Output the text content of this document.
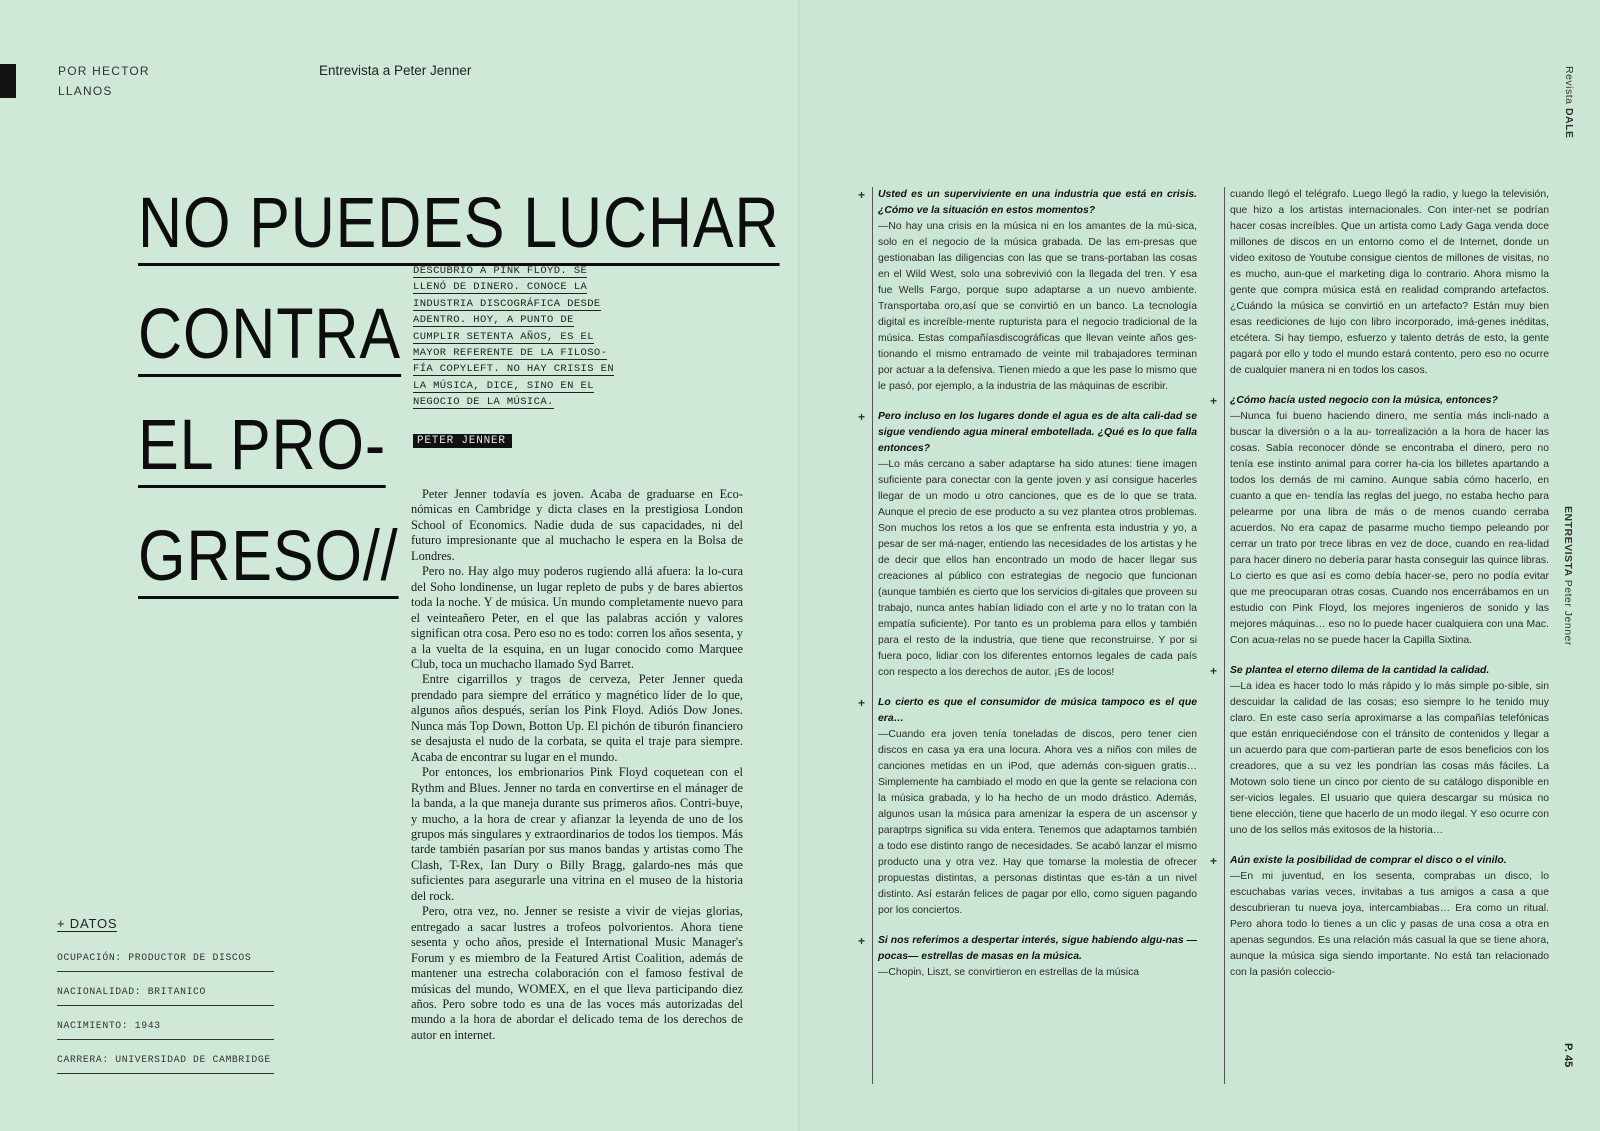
POR HECTOR LLANOS
Entrevista a Peter Jenner
NO PUEDES LUCHAR
CONTRA
EL PRO-
GRESO//
DESCUBRIÓ A PINK FLOYD. SE LLENÓ DE DINERO. CONOCE LA INDUSTRIA DISCOGRÁFICA DESDE ADENTRO. HOY, A PUNTO DE CUMPLIR SETENTA AÑOS, ES EL MAYOR REFERENTE DE LA FILOSO-FÍA COPYLEFT. NO HAY CRISIS EN LA MÚSICA, DICE, SINO EN EL NEGOCIO DE LA MÚSICA.
PETER JENNER

Peter Jenner todavía es joven. Acaba de graduarse en Eco-nómicas en Cambridge y dicta clases en la prestigiosa London School of Economics. Nadie duda de sus capacidades, ni del futuro impresionante que al muchacho le espera en la Bolsa de Londres.

Pero no. Hay algo muy poderos rugiendo allá afuera: la lo-cura del Soho londinense, un lugar repleto de pubs y de bares abiertos toda la noche. Y de música. Un mundo completamente nuevo para el veinteañero Peter, en el que las palabras acción y valores significan otra cosa. Pero eso no es todo: corren los años sesenta, y a la vuelta de la esquina, en un lugar conocido como Marquee Club, toca un muchacho llamado Syd Barret.

Entre cigarrillos y tragos de cerveza, Peter Jenner queda prendado para siempre del errático y magnético líder de lo que, algunos años después, serían los Pink Floyd. Adiós Dow Jones. Nunca más Top Down, Botton Up. El pichón de tiburón financiero se desajusta el nudo de la corbata, se quita el traje para siempre. Acaba de encontrar su lugar en el mundo.

Por entonces, los embrionarios Pink Floyd coquetean con el Rythm and Blues. Jenner no tarda en convertirse en el mánager de la banda, a la que maneja durante sus primeros años. Contri-buye, y mucho, a la hora de crear y afianzar la leyenda de uno de los grupos más singulares y extraordinarios de todos los tiempos. Más tarde también pasarían por sus manos bandas y artistas como The Clash, T-Rex, Ian Dury o Billy Bragg, galardo-nes más que suficientes para asegurarle una vitrina en el museo de la historia del rock.

Pero, otra vez, no. Jenner se resiste a vivir de viejas glorias, entregado a sacar lustres a trofeos polvorientos. Ahora tiene sesenta y ocho años, preside el International Music Manager's Forum y es miembro de la Featured Artist Coalition, además de mantener una estrecha colaboración con el famoso festival de músicas del mundo, WOMEX, en el que lleva participando diez años. Pero sobre todo es una de las voces más autorizadas del mundo a la hora de abordar el delicado tema de los derechos de autor en internet.

+ DATOS
OCUPACIÓN: PRODUCTOR DE DISCOS
NACIONALIDAD: BRITANICO
NACIMIENTO: 1943
CARRERA: UNIVERSIDAD DE CAMBRIDGE
+ Usted es un superviviente en una industria que está en crisis. ¿Cómo ve la situación en estos momentos?
—No hay una crisis en la música ni en los amantes de la mú-sica, solo en el negocio de la música grabada. De las em-presas que gestionaban las diligencias con las que se trans-portaban las cosas en el Wild West, solo una sobrevivió con la llegada del tren. Y esa fue Wells Fargo, porque supo adaptarse a un nuevo ambiente. Transportaba oro,así que se convirtió en un banco. La tecnología digital es increíble-mente rupturista para el negocio tradicional de la música. Estas compañíasdiscográficas que llevan veinte años ges-tionando el mismo entramado de veinte mil trabajadores terminan por actuar a la defensiva. Tienen miedo a que les pase lo mismo que le pasó, por ejemplo, a la industria de las máquinas de escribir.
+ Pero incluso en los lugares donde el agua es de alta cali-dad se sigue vendiendo agua mineral embotellada. ¿Qué es lo que falla entonces?
—Lo más cercano a saber adaptarse ha sido atunes: tiene imagen suficiente para conectar con la gente joven y así consigue hacerles llegar de un modo u otro canciones, que es de lo que se trata. Aunque el precio de ese producto a su vez plantea otros problemas. Son muchos los retos a los que se enfrenta esta industria y yo, a pesar de ser má-nager, entiendo las necesidades de los artistas y he de decir que ellos han encontrado un modo de hacer llegar sus creaciones al público con estrategias de negocio que funcionan (aunque también es cierto que los servicios di-gitales que proveen su trabajo, nunca antes habían lidiado con el arte y no lo tratan con la empatía suficiente). Por tanto es un problema para ellos y también para el resto de la industria, que tiene que reconstruirse. Y por si fuera poco, lidiar con los diferentes entornos legales de cada país con respecto a los derechos de autor. ¡Es de locos!
+ Lo cierto es que el consumidor de música tampoco es el que era…
—Cuando era joven tenía toneladas de discos, pero tener cien discos en casa ya era una locura. Ahora ves a niños con miles de canciones metidas en un iPod, que además con-siguen gratis… Simplemente ha cambiado el modo en que la gente se relaciona con la música grabada, y lo ha hecho de un modo drástico. Además, algunos usan la música para amenizar la espera de un ascensor y paraptrps significa su vida entera. Tenemos que adaptarnos también a todo ese distinto rango de necesidades. Se acabó lanzar el mismo producto una y otra vez. Hay que tomarse la molestia de ofrecer propuestas distintas, a personas distintas que es-tán a un nivel distinto. Así estarán felices de pagar por ello, como siguen pagando por los conciertos.
+ Si nos referimos a despertar interés, sigue habiendo algu-nas —pocas— estrellas de masas en la música.
—Chopin, Liszt, se convirtieron en estrellas de la música
cuando llegó el telégrafo. Luego llegó la radio, y luego la televisión, que hizo a los artistas internacionales. Con inter-net se podrían hacer cosas increíbles. Que un artista como Lady Gaga venda doce millones de discos en un entorno como el de Internet, donde un video exitoso de Youtube consigue cientos de millones de visitas, no es mucho, aun-que el marketing diga lo contrario. Ahora mismo la gente que compra música está en realidad comprando artefactos. ¿Cuándo la música se convirtió en un artefacto? Están muy bien esas reediciones de lujo con libro incorporado, imá-genes inéditas, etcétera. Si hay tiempo, esfuerzo y talento detrás de esto, la gente pagará por ello y todo el mundo estará contento, pero eso no ocurre de cualquier manera ni en todos los casos.
+ ¿Cómo hacía usted negocio con la música, entonces?
—Nunca fui bueno haciendo dinero, me sentía más incli-nado a buscar la diversión o a la au- torrealización a la hora de hacer las cosas. Sabía reconocer dónde se encontraba el dinero, pero no tenía ese instinto animal para correr ha-cia los billetes apartando a todos los demás de mi camino. Aunque sabía cómo hacerlo, en cuanto a que en- tendía las reglas del juego, no estaba hecho para pelearme por una libra de más o de menos cuando cerraba acuerdos. No era capaz de pasarme mucho tiempo peleando por cerrar un trato por trece libras en vez de doce, cuando en rea-lidad para hacer dinero no debería parar hasta conseguir las quince libras. Lo cierto es que así es como debía hacer-se, pero no podía evitar que me preocuparan otras cosas. Cuando nos encerrábamos en un estudio con Pink Floyd, los mejores ingenieros de sonido y las mejores máquinas… eso no lo puede hacer cualquiera con una Mac. Con acua-relas no se puede hacer la Capilla Sixtina.
+ Se plantea el eterno dilema de la cantidad la calidad.
—La idea es hacer todo lo más rápido y lo más simple po-sible, sin descuidar la calidad de las cosas; eso siempre lo he tenido muy claro. En este caso sería aproximarse a las compañías telefónicas que están enriqueciéndose con el tránsito de contenidos y llegar a un acuerdo para que com-partieran parte de esos beneficios con los creadores, que a su vez les pondrían las cosas más fáciles. La Motown solo tiene un cinco por ciento de su catálogo disponible en ser-vicios legales. El usuario que quiera descargar su música no tiene elección, tiene que hacerlo de un modo ilegal. Y eso ocurre con uno de los sellos más exitosos de la historia…
+ Aún existe la posibilidad de comprar el disco o el vinilo.
—En mi juventud, en los sesenta, comprabas un disco, lo escuchabas varias veces, invitabas a tus amigos a casa a que descubrieran tu nueva joya, intercambiabas… Era como un ritual. Pero ahora todo lo tienes a un clic y pasas de una cosa a otra en apenas segundos. Es una relación más casual la que se tiene ahora, aunque la música siga siendo importante. No está tan relacionado con la pasión coleccio-
Revista DALE
ENTREVISTA Peter Jenner
P. 45
